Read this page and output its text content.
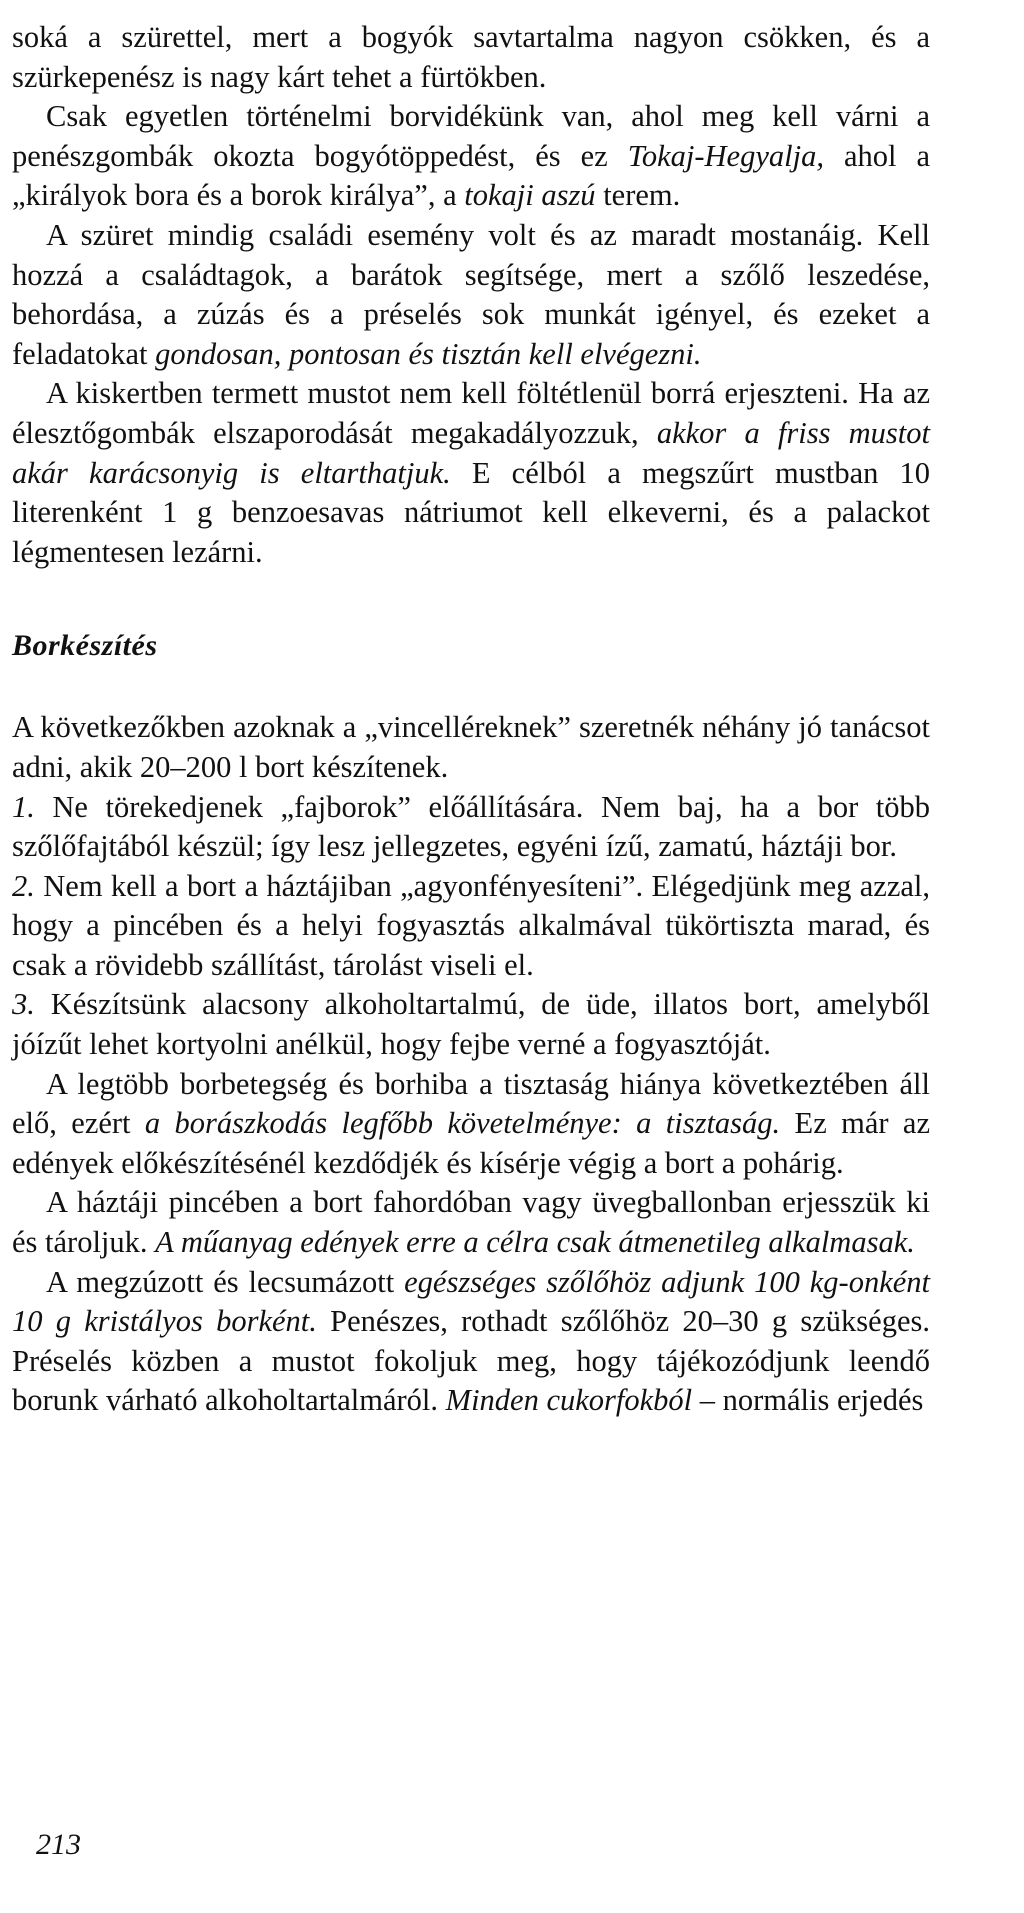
soká a szürettel, mert a bogyók savtartalma nagyon csökken, és a szürkepenész is nagy kárt tehet a fürtökben.

Csak egyetlen történelmi borvidékünk van, ahol meg kell várni a penészgombák okozta bogyótöppedést, és ez Tokaj-Hegyalja, ahol a „királyok bora és a borok királya”, a tokaji aszú terem.

A szüret mindig családi esemény volt és az maradt mostanáig. Kell hozzá a családtagok, a barátok segítsége, mert a szőlő leszedése, behordása, a zúzás és a préselés sok munkát igényel, és ezeket a feladatokat gondosan, pontosan és tisztán kell elvégezni.

A kiskertben termett mustot nem kell föltétlenül borrá erjeszteni. Ha az élesztőgombák elszaporodását megakadályozzuk, akkor a friss mustot akár karácsonyig is eltarthatjuk. E célból a megszűrt mustban 10 literenként 1 g benzoesavas nátriumot kell elkeverni, és a palackot légmentesen lezárni.

Borkészítés

A következőkben azoknak a „vincelléreknek” szeretnék néhány jó tanácsot adni, akik 20–200 l bort készítenek.

1. Ne törekedjenek „fajborok” előállítására. Nem baj, ha a bor több szőlőfajtából készül; így lesz jellegzetes, egyéni ízű, zamatú, háztáji bor.

2. Nem kell a bort a háztájiban „agyonfényesíteni”. Elégedjünk meg azzal, hogy a pincében és a helyi fogyasztás alkalmával tükörtiszta marad, és csak a rövidebb szállítást, tárolást viseli el.

3. Készítsünk alacsony alkoholtartalmú, de üde, illatos bort, amelyből jóízűt lehet kortyolni anélkül, hogy fejbe verné a fogyasztóját.

A legtöbb borbetegség és borhiba a tisztaság hiánya következtében áll elő, ezért a borászkodás legfőbb követelménye: a tisztaság. Ez már az edények előkészítésénél kezdődjék és kísérje végig a bort a pohárig.

A háztáji pincében a bort fahordóban vagy üvegballonban erjesszük ki és tároljuk. A műanyag edények erre a célra csak átmenetileg alkalmasak.

A megzúzott és lecsumázott egészséges szőlőhöz adjunk 100 kg-onként 10 g kristályos borként. Penészes, rothadt szőlőhöz 20–30 g szükséges. Préselés közben a mustot fokoljuk meg, hogy tájékozódjunk leendő borunk várható alkoholtartalmáról. Minden cukorfokból – normális erjedés

213
